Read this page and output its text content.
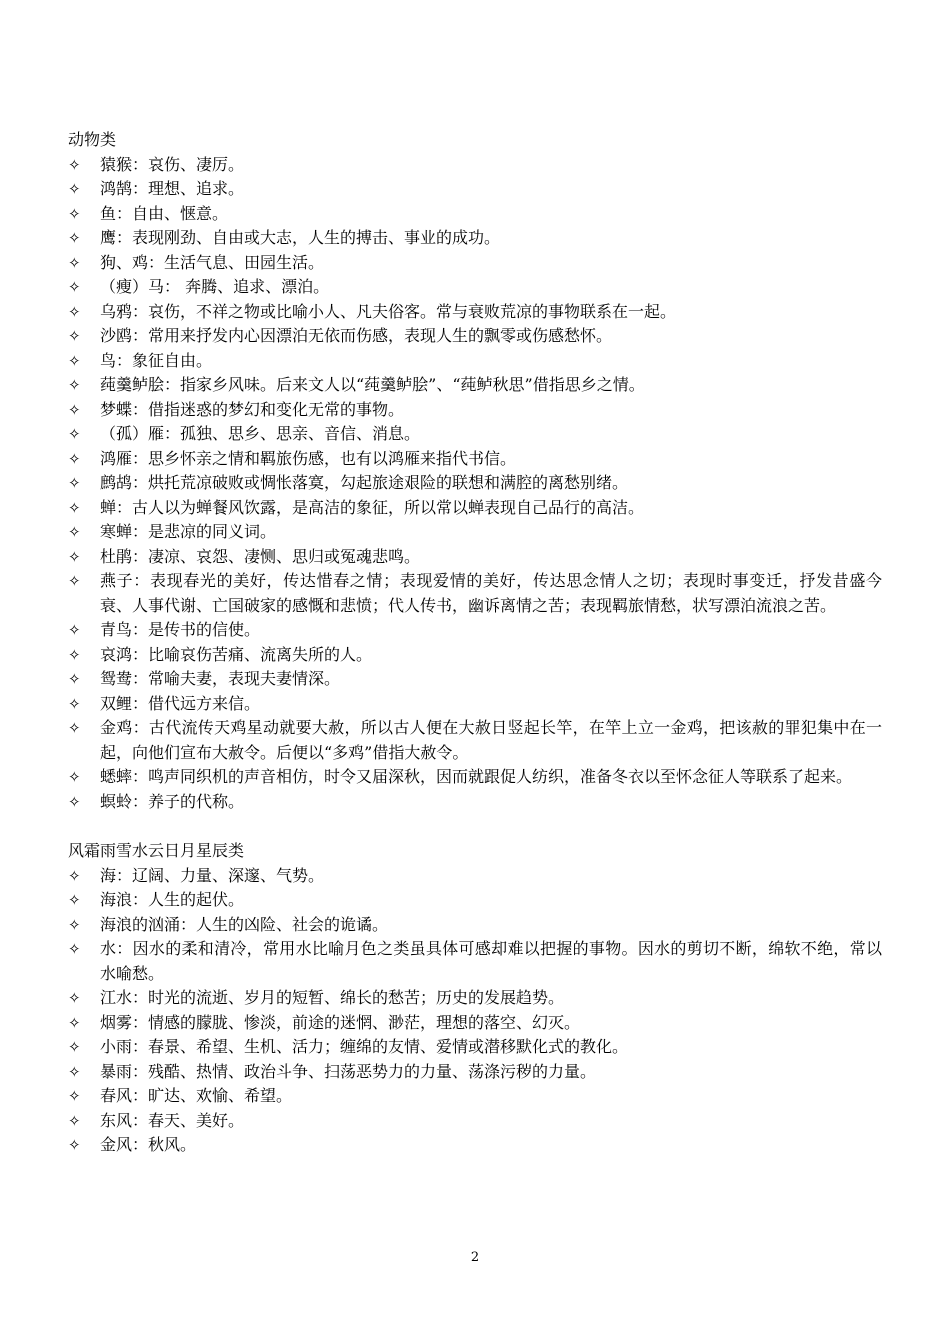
动物类
✧	猿猴：哀伤、凄厉。
✧	鸿鹄：理想、追求。
✧	鱼：自由、惬意。
✧	鹰：表现刚劲、自由或大志，人生的搏击、事业的成功。
✧	狗、鸡：生活气息、田园生活。
✧	（瘦）马： 奔腾、追求、漂泊。
✧	乌鸦：哀伤，不祥之物或比喻小人、凡夫俗客。常与衰败荒凉的事物联系在一起。
✧	沙鸥：常用来抒发内心因漂泊无依而伤感，表现人生的飘零或伤感愁怀。
✧	鸟：象征自由。
✧	莼羹鲈脍：指家乡风味。后来文人以“莼羹鲈脍”、“莼鲈秋思”借指思乡之情。
✧	梦蝶：借指迷惑的梦幻和变化无常的事物。
✧	（孤）雁：孤独、思乡、思亲、音信、消息。
✧	鸿雁：思乡怀亲之情和羁旅伤感，也有以鸿雁来指代书信。
✧	鹧鸪：烘托荒凉破败或惆怅落寞，勾起旅途艰险的联想和满腔的离愁别绪。
✧	蝉：古人以为蝉餐风饮露，是高洁的象征，所以常以蝉表现自己品行的高洁。
✧	寒蝉：是悲凉的同义词。
✧	杜鹃：凄凉、哀怨、凄恻、思归或冤魂悲鸣。
✧	燕子：表现春光的美好，传达惜春之情；表现爱情的美好，传达思念情人之切；表现时事变迁，抒发昔盛今衰、人事代谢、亡国破家的感慨和悲愤；代人传书，幽诉离情之苦；表现羁旅情愁，状写漂泊流浪之苦。
✧	青鸟：是传书的信使。
✧	哀鸿：比喻哀伤苦痛、流离失所的人。
✧	鸳鸯：常喻夫妻，表现夫妻情深。
✧	双鲤：借代远方来信。
✧	金鸡：古代流传天鸡星动就要大赦，所以古人便在大赦日竖起长竿，在竿上立一金鸡，把该赦的罪犯集中在一起，向他们宣布大赦令。后便以“多鸡”借指大赦令。
✧	蟋蟀：鸣声同织机的声音相仿，时令又届深秋，因而就跟促人纺织，准备冬衣以至怀念征人等联系了起来。
✧	螟蛉：养子的代称。
风霜雨雪水云日月星辰类
✧	海：辽阔、力量、深邃、气势。
✧	海浪：人生的起伏。
✧	海浪的汹涌：人生的凶险、社会的诡谲。
✧	水：因水的柔和清冷，常用水比喻月色之类虽具体可感却难以把握的事物。因水的剪切不断，绵软不绝，常以水喻愁。
✧	江水：时光的流逝、岁月的短暂、绵长的愁苦；历史的发展趋势。
✧	烟雾：情感的朦胧、惨淡，前途的迷惘、渺茫，理想的落空、幻灭。
✧	小雨：春景、希望、生机、活力；缠绵的友情、爱情或潜移默化式的教化。
✧	暴雨：残酷、热情、政治斗争、扫荡恶势力的力量、荡涤污秽的力量。
✧	春风：旷达、欢愉、希望。
✧	东风：春天、美好。
✧	金风：秋风。
2
